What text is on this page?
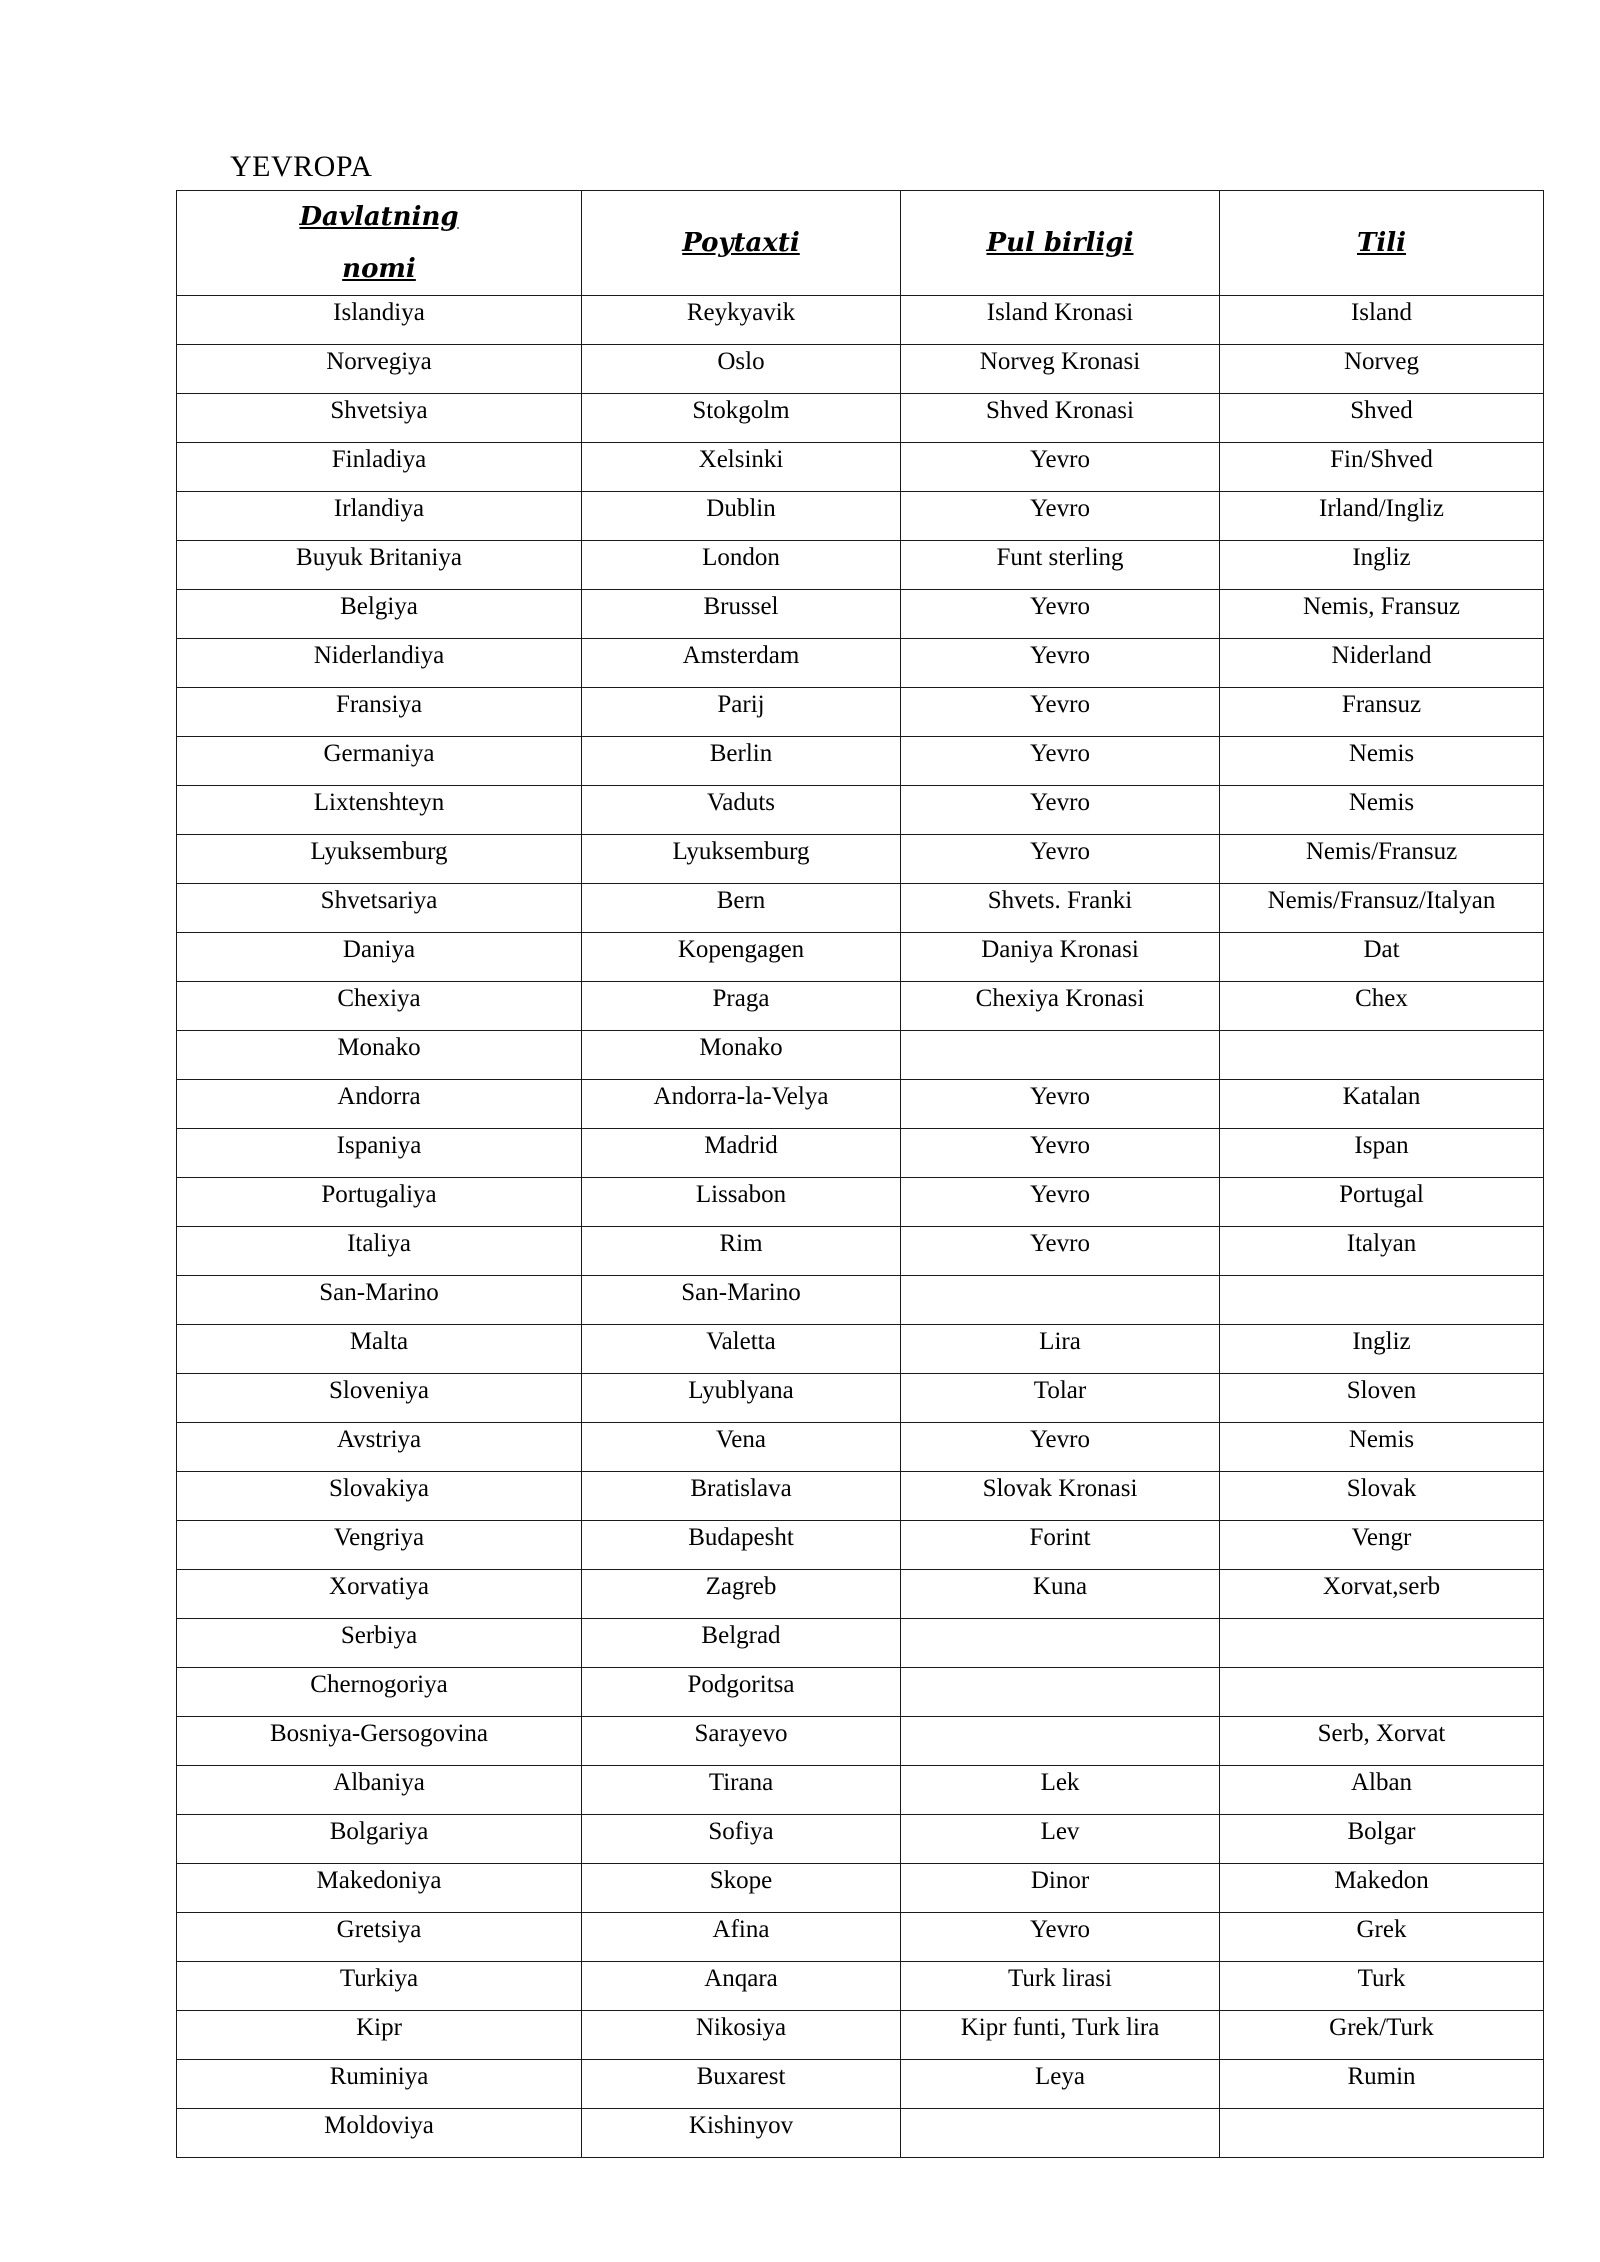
YEVROPA
Davlatning
nomi	Poytaxti	Pul birligi	Tili
Islandiya	Reykyavik	Island Kronasi	Island
Norvegiya	Oslo	Norveg Kronasi	Norveg
Shvetsiya	Stokgolm	Shved Kronasi	Shved
Finladiya	Xelsinki	Yevro	Fin/Shved
Irlandiya	Dublin	Yevro	Irland/Ingliz
Buyuk Britaniya	London	Funt sterling	Ingliz
Belgiya	Brussel	Yevro	Nemis, Fransuz
Niderlandiya	Amsterdam	Yevro	Niderland
Fransiya	Parij	Yevro	Fransuz
Germaniya	Berlin	Yevro	Nemis
Lixtenshteyn	Vaduts	Yevro	Nemis
Lyuksemburg	Lyuksemburg	Yevro	Nemis/Fransuz
Shvetsariya	Bern	Shvets. Franki	Nemis/Fransuz/Italyan
Daniya	Kopengagen	Daniya Kronasi	Dat
Chexiya	Praga	Chexiya Kronasi	Chex
Monako	Monako		
Andorra	Andorra-la-Velya	Yevro	Katalan
Ispaniya	Madrid	Yevro	Ispan
Portugaliya	Lissabon	Yevro	Portugal
Italiya	Rim	Yevro	Italyan
San-Marino	San-Marino		
Malta	Valetta	Lira	Ingliz
Sloveniya	Lyublyana	Tolar	Sloven
Avstriya	Vena	Yevro	Nemis
Slovakiya	Bratislava	Slovak Kronasi	Slovak
Vengriya	Budapesht	Forint	Vengr
Xorvatiya	Zagreb	Kuna	Xorvat,serb
Serbiya	Belgrad		
Chernogoriya	Podgoritsa		
Bosniya-Gersogovina	Sarayevo		Serb, Xorvat
Albaniya	Tirana	Lek	Alban
Bolgariya	Sofiya	Lev	Bolgar
Makedoniya	Skope	Dinor	Makedon
Gretsiya	Afina	Yevro	Grek
Turkiya	Anqara	Turk lirasi	Turk
Kipr	Nikosiya	Kipr funti, Turk lira	Grek/Turk
Ruminiya	Buxarest	Leya	Rumin
Moldoviya	Kishinyov		
